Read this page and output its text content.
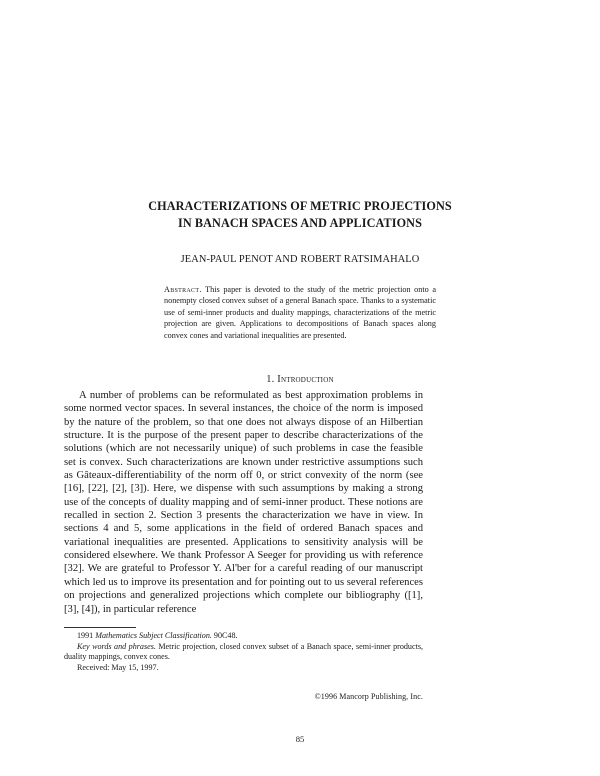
CHARACTERIZATIONS OF METRIC PROJECTIONS
IN BANACH SPACES AND APPLICATIONS
JEAN-PAUL PENOT AND ROBERT RATSIMAHALO
Abstract. This paper is devoted to the study of the metric projection onto a nonempty closed convex subset of a general Banach space. Thanks to a systematic use of semi-inner products and duality mappings, characterizations of the metric projection are given. Applications to decompositions of Banach spaces along convex cones and variational inequalities are presented.
1. Introduction

A number of problems can be reformulated as best approximation problems in some normed vector spaces. In several instances, the choice of the norm is imposed by the nature of the problem, so that one does not always dispose of an Hilbertian structure. It is the purpose of the present paper to describe characterizations of the solutions (which are not necessarily unique) of such problems in case the feasible set is convex. Such characterizations are known under restrictive assumptions such as Gâteaux-differentiability of the norm off 0, or strict convexity of the norm (see [16], [22], [2], [3]). Here, we dispense with such assumptions by making a strong use of the concepts of duality mapping and of semi-inner product. These notions are recalled in section 2. Section 3 presents the characterization we have in view. In sections 4 and 5, some applications in the field of ordered Banach spaces and variational inequalities are presented. Applications to sensitivity analysis will be considered elsewhere. We thank Professor A Seeger for providing us with reference [32]. We are grateful to Professor Y. Al'ber for a careful reading of our manuscript which led us to improve its presentation and for pointing out to us several references on projections and generalized projections which complete our bibliography ([1], [3], [4]), in particular reference

1991 Mathematics Subject Classification. 90C48.

Key words and phrases. Metric projection, closed convex subset of a Banach space, semi-inner products, duality mappings, convex cones.

Received: May 15, 1997.

©1996 Mancorp Publishing, Inc.
85
